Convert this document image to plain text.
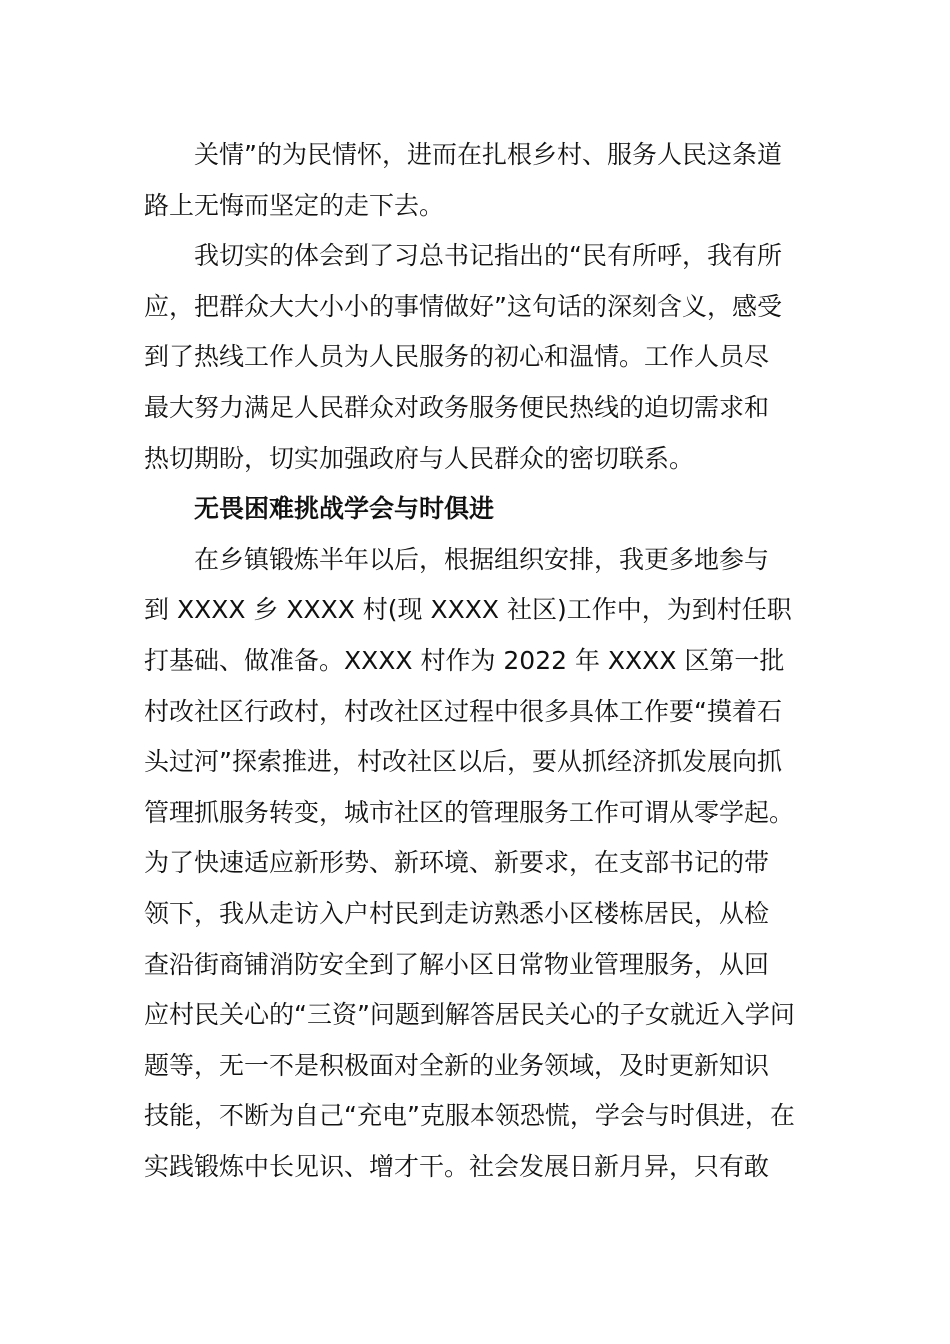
关情”的为民情怀，进而在扎根乡村、服务人民这条道
路上无悔而坚定的走下去。
我切实的体会到了习总书记指出的“民有所呼，我有所
应，把群众大大小小的事情做好”这句话的深刻含义，感受
到了热线工作人员为人民服务的初心和温情。工作人员尽
最大努力满足人民群众对政务服务便民热线的迫切需求和
热切期盼，切实加强政府与人民群众的密切联系。
无畏困难挑战学会与时俱进
在乡镇锻炼半年以后，根据组织安排，我更多地参与
到 XXXX 乡 XXXX 村(现 XXXX 社区)工作中，为到村任职
打基础、做准备。XXXX 村作为 2022 年 XXXX 区第一批
村改社区行政村，村改社区过程中很多具体工作要“摸着石
头过河”探索推进，村改社区以后，要从抓经济抓发展向抓
管理抓服务转变，城市社区的管理服务工作可谓从零学起。
为了快速适应新形势、新环境、新要求，在支部书记的带
领下，我从走访入户村民到走访熟悉小区楼栋居民，从检
查沿街商铺消防安全到了解小区日常物业管理服务，从回
应村民关心的“三资”问题到解答居民关心的子女就近入学问
题等，无一不是积极面对全新的业务领域，及时更新知识
技能，不断为自己“充电”克服本领恐慌，学会与时俱进，在
实践锻炼中长见识、增才干。社会发展日新月异，只有敢
